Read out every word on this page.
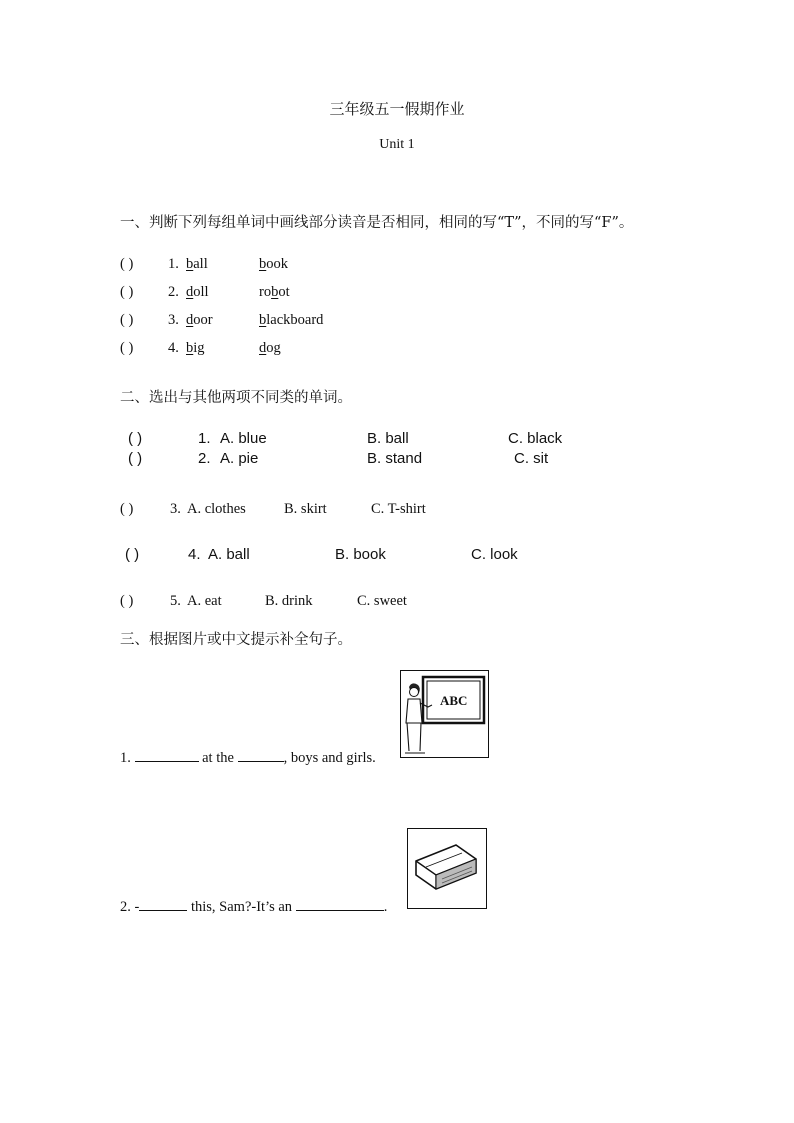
三年级五一假期作业
Unit 1
一、判断下列每组单词中画线部分读音是否相同，相同的写“T”，不同的写“F”。
( ) 1. ball	book
( ) 2. doll	robot
( ) 3. door	blackboard
( ) 4. big	dog
二、选出与其他两项不同类的单词。
( )	1. A. blue	B. ball	C. black
( )	2. A. pie	B. stand	C. sit
( )	3. A. clothes	B. skirt	C. T-shirt
( )	4. A. ball	B. book	C. look
( )	5. A. eat	B. drink	C. sweet
三、根据图片或中文提示补全句子。
ABC
1.	at the	, boys and girls.
2. -	this, Sam?-It’s an	.
